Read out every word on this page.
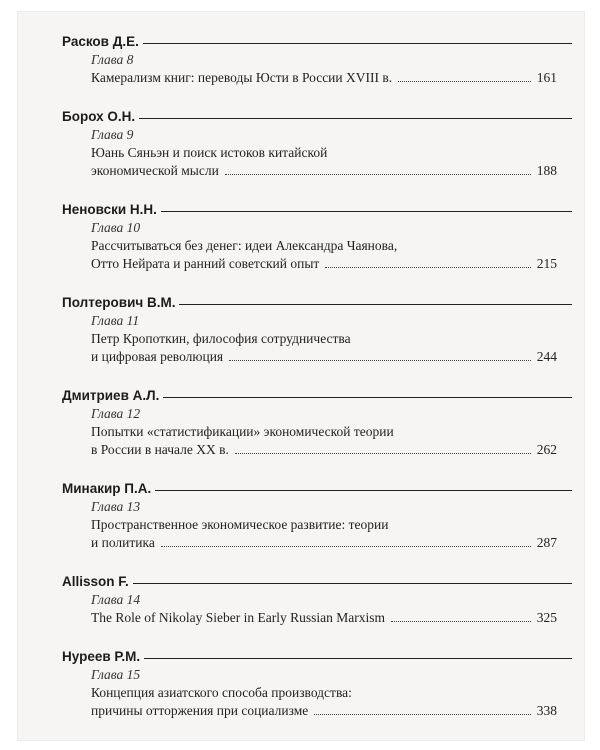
Расков Д.Е.
Глава 8
Камерализм книг: переводы Юсти в России XVIII в.	161
Борох О.Н.
Глава 9
Юань Сяньэн и поиск истоков китайской
экономической мысли	188
Неновски Н.Н.
Глава 10
Рассчитываться без денег: идеи Александра Чаянова,
Отто Нейрата и ранний советский опыт	215
Полтерович В.М.
Глава 11
Петр Кропоткин, философия сотрудничества
и цифровая революция	244
Дмитриев А.Л.
Глава 12
Попытки «статистификации» экономической теории
в России в начале XX в.	262
Минакир П.А.
Глава 13
Пространственное экономическое развитие: теории
и политика	287
Allisson F.
Глава 14
The Role of Nikolay Sieber in Early Russian Marxism	325
Нуреев Р.М.
Глава 15
Концепция азиатского способа производства:
причины отторжения при социализме	338
